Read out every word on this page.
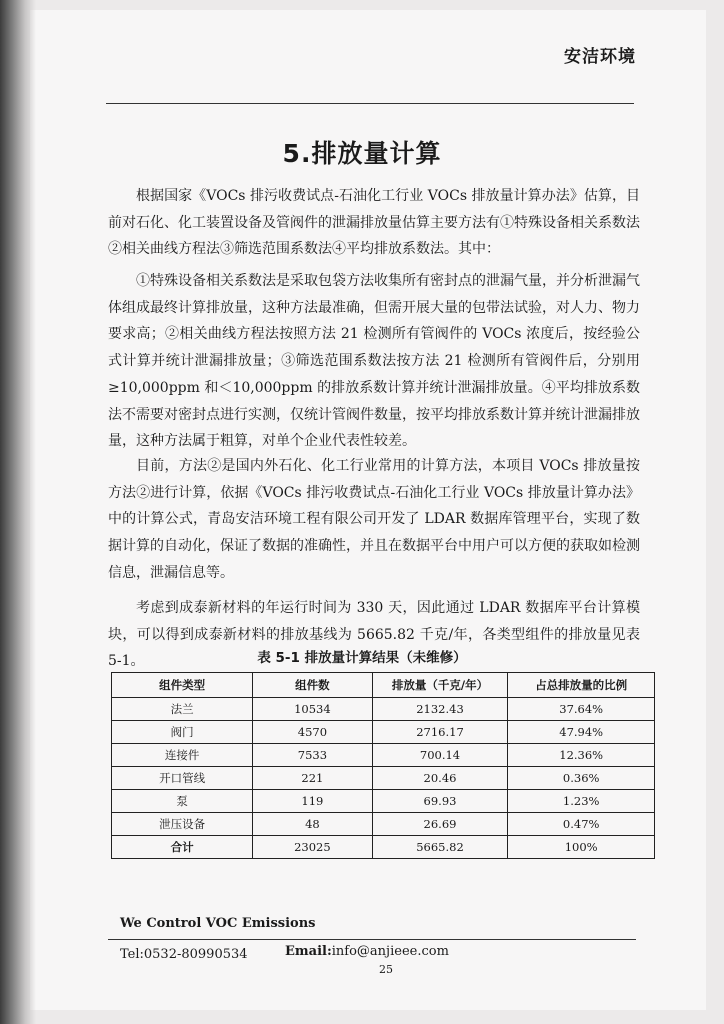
安洁环境
5.排放量计算

根据国家《VOCs 排污收费试点-石油化工行业 VOCs 排放量计算办法》估算，目前对石化、化工装置设备及管阀件的泄漏排放量估算主要方法有①特殊设备相关系数法②相关曲线方程法③筛选范围系数法④平均排放系数法。其中：

①特殊设备相关系数法是采取包袋方法收集所有密封点的泄漏气量，并分析泄漏气体组成最终计算排放量，这种方法最准确，但需开展大量的包带法试验，对人力、物力要求高；②相关曲线方程法按照方法 21 检测所有管阀件的 VOCs 浓度后，按经验公式计算并统计泄漏排放量；③筛选范围系数法按方法 21 检测所有管阀件后，分别用≥10,000ppm 和＜10,000ppm 的排放系数计算并统计泄漏排放量。④平均排放系数法不需要对密封点进行实测，仅统计管阀件数量，按平均排放系数计算并统计泄漏排放量，这种方法属于粗算，对单个企业代表性较差。

目前，方法②是国内外石化、化工行业常用的计算方法，本项目 VOCs 排放量按方法②进行计算，依据《VOCs 排污收费试点-石油化工行业 VOCs 排放量计算办法》中的计算公式，青岛安洁环境工程有限公司开发了 LDAR 数据库管理平台，实现了数据计算的自动化，保证了数据的准确性，并且在数据平台中用户可以方便的获取如检测信息，泄漏信息等。

考虑到成泰新材料的年运行时间为 330 天，因此通过 LDAR 数据库平台计算模块，可以得到成泰新材料的排放基线为 5665.82 千克/年，各类型组件的排放量见表 5-1。	表 5-1 排放量计算结果（未维修）
组件类型	组件数	排放量（千克/年）	占总排放量的比例
法兰	10534	2132.43	37.64%
阀门	4570	2716.17	47.94%
连接件	7533	700.14	12.36%
开口管线	221	20.46	0.36%
泵	119	69.93	1.23%
泄压设备	48	26.69	0.47%
合计	23025	5665.82	100%
We Control VOC Emissions
Tel:0532-80990534	Email:info@anjieee.com
25
